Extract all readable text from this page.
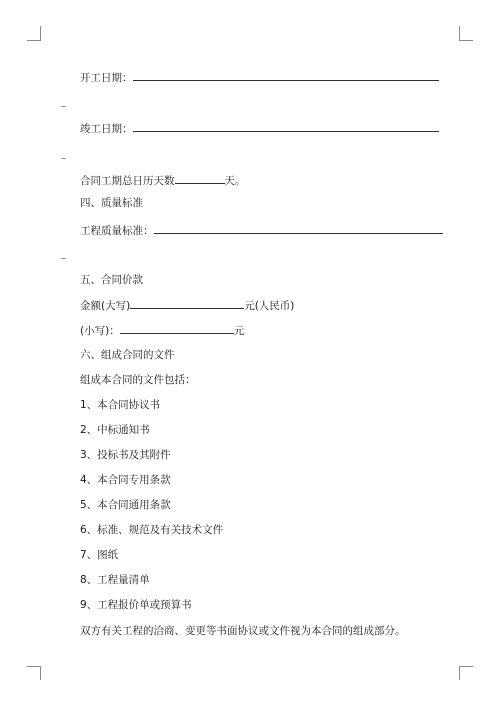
开工日期：
竣工日期：
合同工期总日历天数	天。
四、质量标准
工程质量标准：
五、合同价款
金额(大写)	元(人民币)
(小写)：	元
六、组成合同的文件
组成本合同的文件包括：
1、本合同协议书
2、中标通知书
3、投标书及其附件
4、本合同专用条款
5、本合同通用条款
6、标准、规范及有关技术文件
7、图纸
8、工程量清单
9、工程报价单或预算书
双方有关工程的洽商、变更等书面协议或文件视为本合同的组成部分。
